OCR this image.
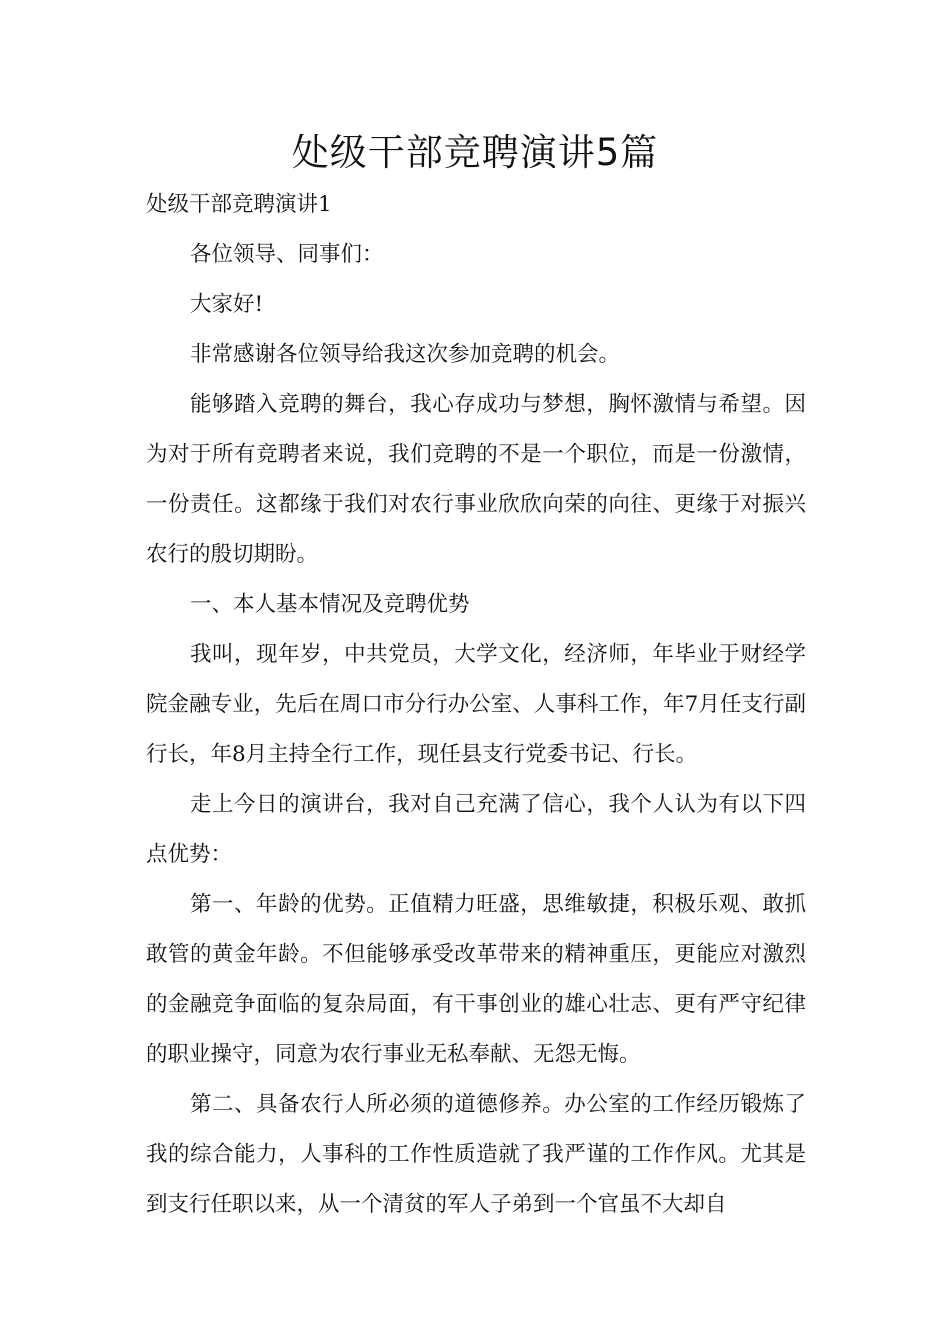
处级干部竞聘演讲5篇

处级干部竞聘演讲1

各位领导、同事们：

大家好!

非常感谢各位领导给我这次参加竞聘的机会。

能够踏入竞聘的舞台，我心存成功与梦想，胸怀激情与希望。因为对于所有竞聘者来说，我们竞聘的不是一个职位，而是一份激情，一份责任。这都缘于我们对农行事业欣欣向荣的向往、更缘于对振兴农行的殷切期盼。

一、本人基本情况及竞聘优势

我叫，现年岁，中共党员，大学文化，经济师，年毕业于财经学院金融专业，先后在周口市分行办公室、人事科工作，年7月任支行副行长，年8月主持全行工作，现任县支行党委书记、行长。

走上今日的演讲台，我对自己充满了信心，我个人认为有以下四点优势：

第一、年龄的优势。正值精力旺盛，思维敏捷，积极乐观、敢抓敢管的黄金年龄。不但能够承受改革带来的精神重压，更能应对激烈的金融竞争面临的复杂局面，有干事创业的雄心壮志、更有严守纪律的职业操守，同意为农行事业无私奉献、无怨无悔。

第二、具备农行人所必须的道德修养。办公室的工作经历锻炼了我的综合能力，人事科的工作性质造就了我严谨的工作作风。尤其是到支行任职以来，从一个清贫的军人子弟到一个官虽不大却自
